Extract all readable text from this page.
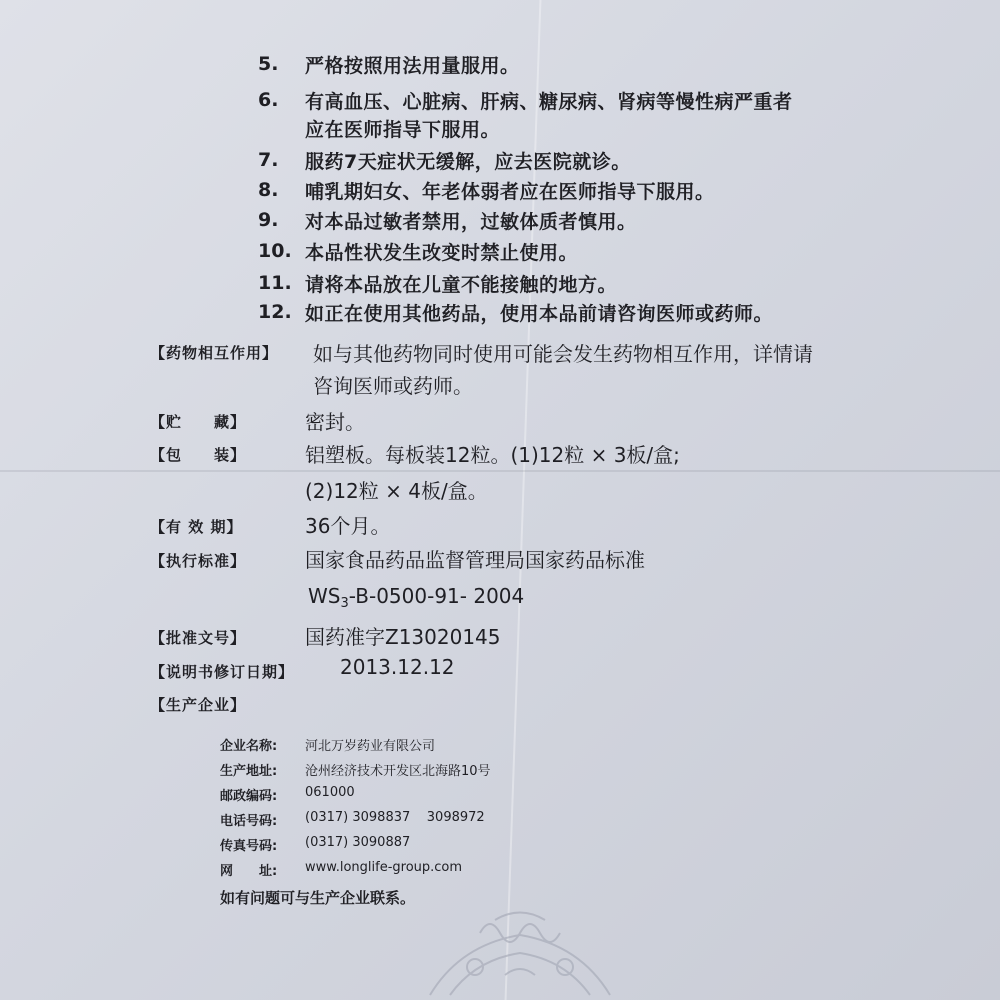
5. 严格按照用法用量服用。
6. 有高血压、心脏病、肝病、糖尿病、肾病等慢性病严重者
应在医师指导下服用。
7. 服药7天症状无缓解，应去医院就诊。
8. 哺乳期妇女、年老体弱者应在医师指导下服用。
9. 对本品过敏者禁用，过敏体质者慎用。
10. 本品性状发生改变时禁止使用。
11. 请将本品放在儿童不能接触的地方。
12. 如正在使用其他药品，使用本品前请咨询医师或药师。
【药物相互作用】 如与其他药物同时使用可能会发生药物相互作用，详情请
咨询医师或药师。
【贮　　藏】	密封。
【包　　装】	铝塑板。每板装12粒。(1)12粒 × 3板/盒;
(2)12粒 × 4板/盒。
【有 效 期】	36个月。
【执行标准】	国家食品药品监督管理局国家药品标准
$WS_3-B-0500-91-$ 2004
【批准文号】	国药准字Z13020145
【说明书修订日期】 2013.12.12
【生产企业】
企业名称: 河北万岁药业有限公司
生产地址: 沧州经济技术开发区北海路10号
邮政编码: 061000
电话号码: (0317) 3098837    3098972
传真号码: (0317) 3090887
网　　址: www.longlife-group.com
如有问题可与生产企业联系。
